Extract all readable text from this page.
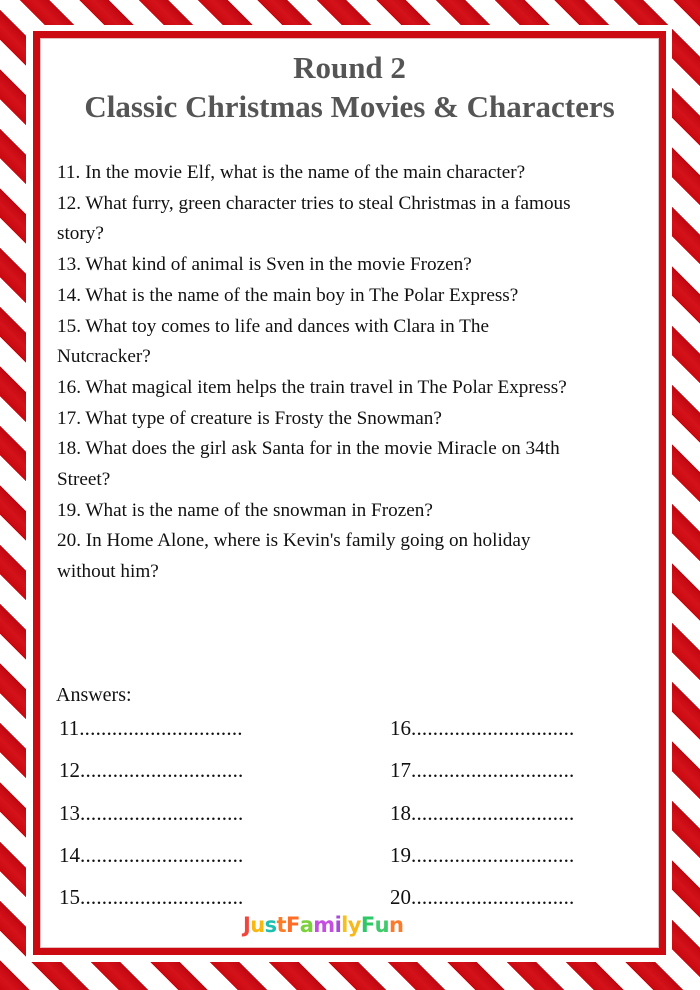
Round 2
Classic Christmas Movies & Characters
11. In the movie Elf, what is the name of the main character?
12. What furry, green character tries to steal Christmas in a famous
story?
13. What kind of animal is Sven in the movie Frozen?
14. What is the name of the main boy in The Polar Express?
15. What toy comes to life and dances with Clara in The
Nutcracker?
16. What magical item helps the train travel in The Polar Express?
17. What type of creature is Frosty the Snowman?
18. What does the girl ask Santa for in the movie Miracle on 34th
Street?
19. What is the name of the snowman in Frozen?
20. In Home Alone, where is Kevin's family going on holiday
without him?
Answers:
11..............................
12..............................
13..............................
14..............................
15..............................
16..............................
17..............................
18..............................
19..............................
20..............................
JustFamilyFun
